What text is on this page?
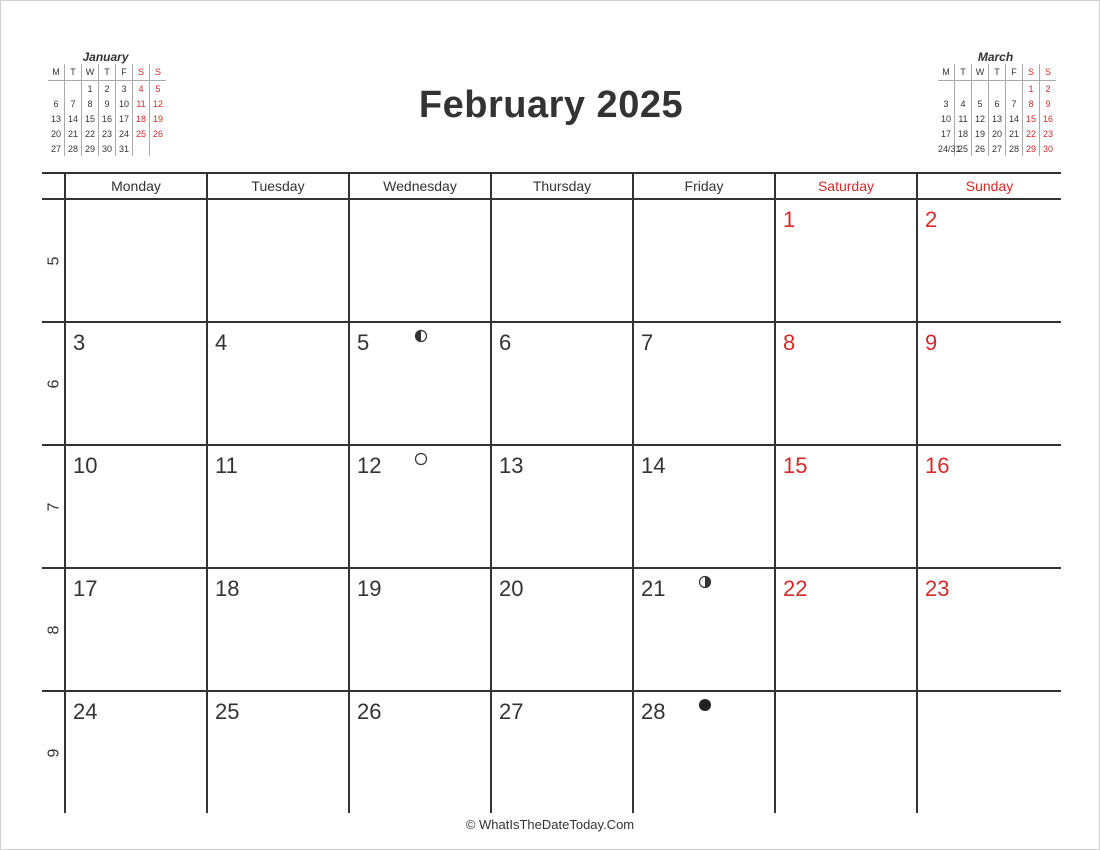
January
M	T	W	T	F	S	S
		1	2	3	4	5
6	7	8	9	10	11	12
13	14	15	16	17	18	19
20	21	22	23	24	25	26
27	28	29	30	31		
February 2025
March
M	T	W	T	F	S	S
					1	2
3	4	5	6	7	8	9
10	11	12	13	14	15	16
17	18	19	20	21	22	23
24/31	25	26	27	28	29	30
	Monday	Tuesday	Wednesday	Thursday	Friday	Saturday	Sunday

5						1	2

6	3	4	5	6	7	8	9

7	10	11	12	13	14	15	16

8	17	18	19	20	21	22	23

9	24	25	26	27	28		

© WhatIsTheDateToday.Com
